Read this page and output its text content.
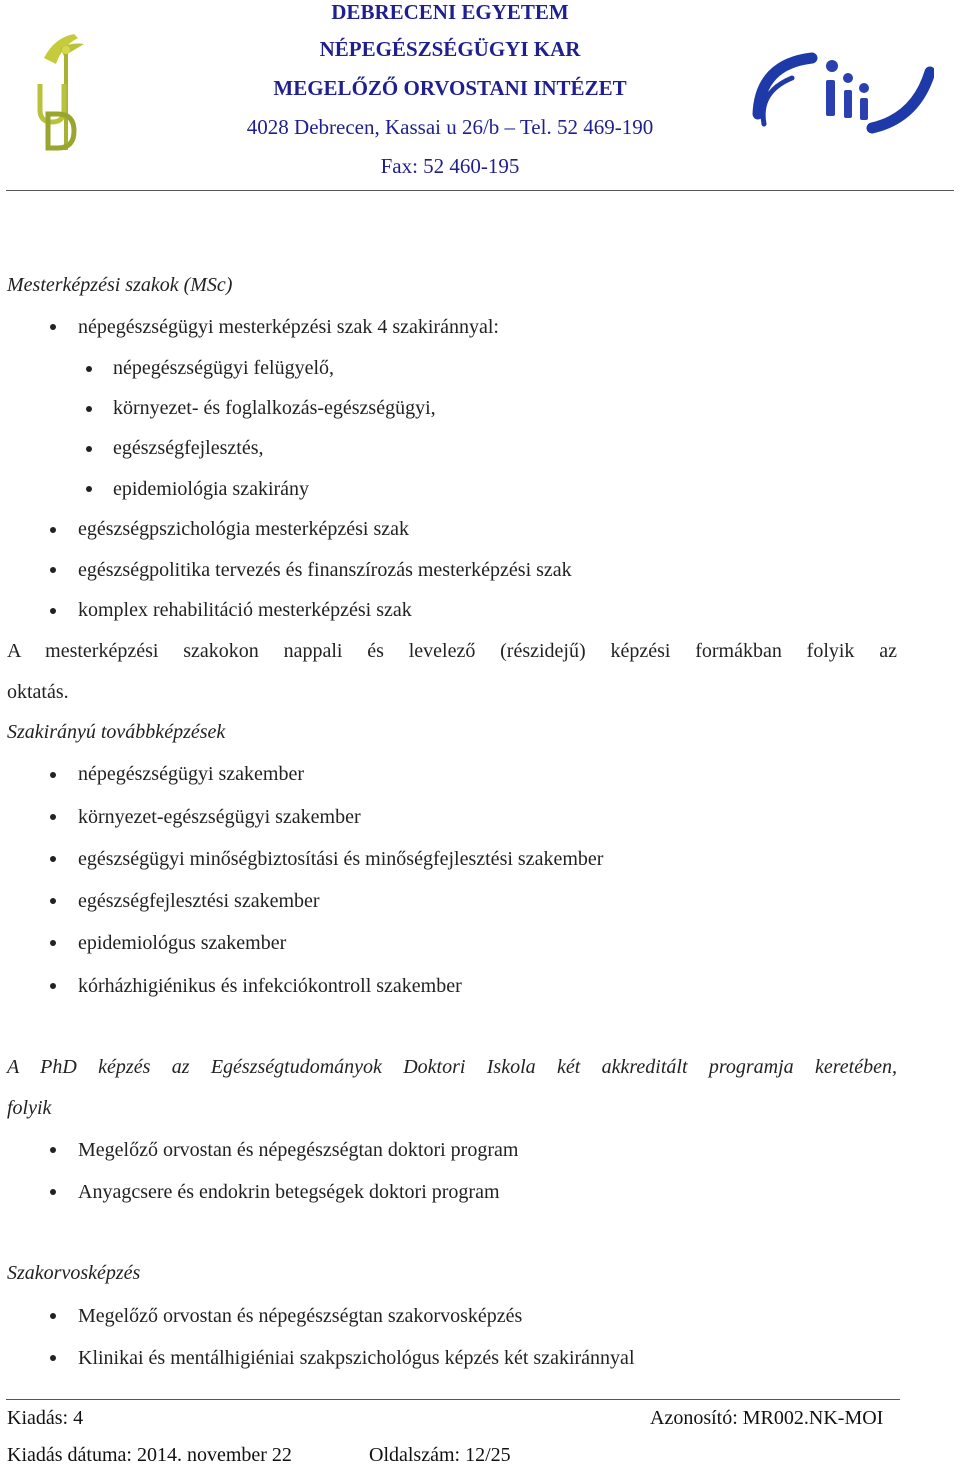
DEBRECENI EGYETEM
NÉPEGÉSZSÉGÜGYI KAR
MEGELŐZŐ ORVOSTANI INTÉZET
4028 Debrecen, Kassai u 26/b – Tel. 52 469-190
Fax: 52 460-195
Mesterképzési szakok (MSc)
népegészségügyi mesterképzési szak 4 szakiránnyal:
népegészségügyi felügyelő,
környezet- és foglalkozás-egészségügyi,
egészségfejlesztés,
epidemiológia szakirány
egészségpszichológia mesterképzési szak
egészségpolitika tervezés és finanszírozás mesterképzési szak
komplex rehabilitáció mesterképzési szak
A mesterképzési szakokon nappali és levelező (részidejű) képzési formákban folyik az
oktatás.
Szakirányú továbbképzések
népegészségügyi szakember
környezet-egészségügyi szakember
egészségügyi minőségbiztosítási és minőségfejlesztési szakember
egészségfejlesztési szakember
epidemiológus szakember
kórházhigiénikus és infekciókontroll szakember
A PhD képzés az Egészségtudományok Doktori Iskola két akkreditált programja keretében,
folyik
Megelőző orvostan és népegészségtan doktori program
Anyagcsere és endokrin betegségek doktori program
Szakorvosképzés
Megelőző orvostan és népegészségtan szakorvosképzés
Klinikai és mentálhigiéniai szakpszichológus képzés két szakiránnyal
Kiadás: 4	Azonosító: MR002.NK-MOI
Kiadás dátuma: 2014. november 22	Oldalszám: 12/25
